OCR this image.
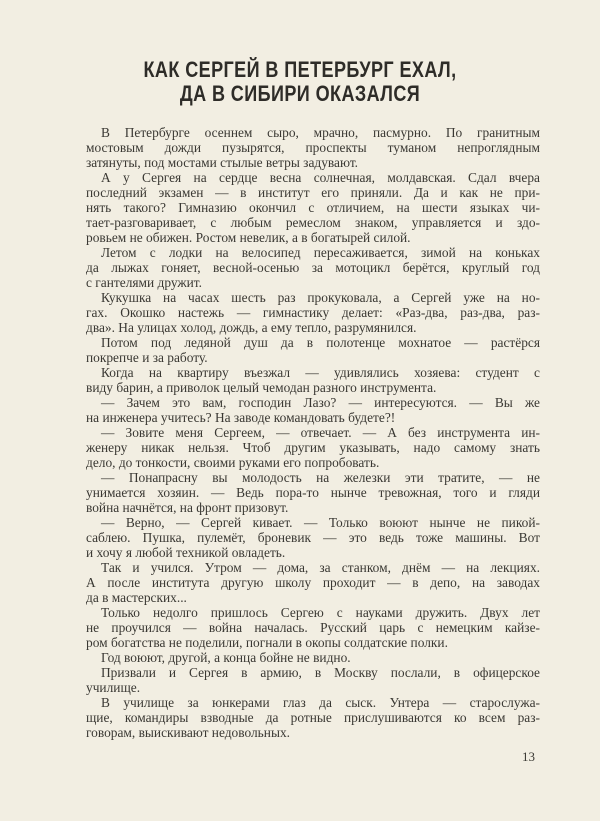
КАК СЕРГЕЙ В ПЕТЕРБУРГ ЕХАЛ,
ДА В СИБИРИ ОКАЗАЛСЯ
В Петербурге осеннем сыро, мрачно, пасмурно. По гранитным
мостовым дожди пузырятся, проспекты туманом непроглядным
затянуты, под мостами стылые ветры задувают.
А у Сергея на сердце весна солнечная, молдавская. Сдал вчера
последний экзамен — в институт его приняли. Да и как не при-
нять такого? Гимназию окончил с отличием, на шести языках чи-
тает-разговаривает, с любым ремеслом знаком, управляется и здо-
ровьем не обижен. Ростом невелик, а в богатырей силой.
Летом с лодки на велосипед пересаживается, зимой на коньках
да лыжах гоняет, весной-осенью за мотоцикл берётся, круглый год
с гантелями дружит.
Кукушка на часах шесть раз прокуковала, а Сергей уже на но-
гах. Окошко настежь — гимнастику делает: «Раз-два, раз-два, раз-
два». На улицах холод, дождь, а ему тепло, разрумянился.
Потом под ледяной душ да в полотенце мохнатое — растёрся
покрепче и за работу.
Когда на квартиру въезжал — удивлялись хозяева: студент с
виду барин, а приволок целый чемодан разного инструмента.
— Зачем это вам, господин Лазо? — интересуются. — Вы же
на инженера учитесь? На заводе командовать будете?!
— Зовите меня Сергеем, — отвечает. — А без инструмента ин-
женеру никак нельзя. Чтоб другим указывать, надо самому знать
дело, до тонкости, своими руками его попробовать.
— Понапрасну вы молодость на железки эти тратите, — не
унимается хозяин. — Ведь пора-то нынче тревожная, того и гляди
война начнётся, на фронт призовут.
— Верно, — Сергей кивает. — Только воюют нынче не пикой-
саблею. Пушка, пулемёт, броневик — это ведь тоже машины. Вот
и хочу я любой техникой овладеть.
Так и учился. Утром — дома, за станком, днём — на лекциях.
А после института другую школу проходит — в депо, на заводах
да в мастерских...
Только недолго пришлось Сергею с науками дружить. Двух лет
не проучился — война началась. Русский царь с немецким кайзе-
ром богатства не поделили, погнали в окопы солдатские полки.
Год воюют, другой, а конца бойне не видно.
Призвали и Сергея в армию, в Москву послали, в офицерское
училище.
В училище за юнкерами глаз да сыск. Унтера — старослужа-
щие, командиры взводные да ротные прислушиваются ко всем раз-
говорам, выискивают недовольных.
13
